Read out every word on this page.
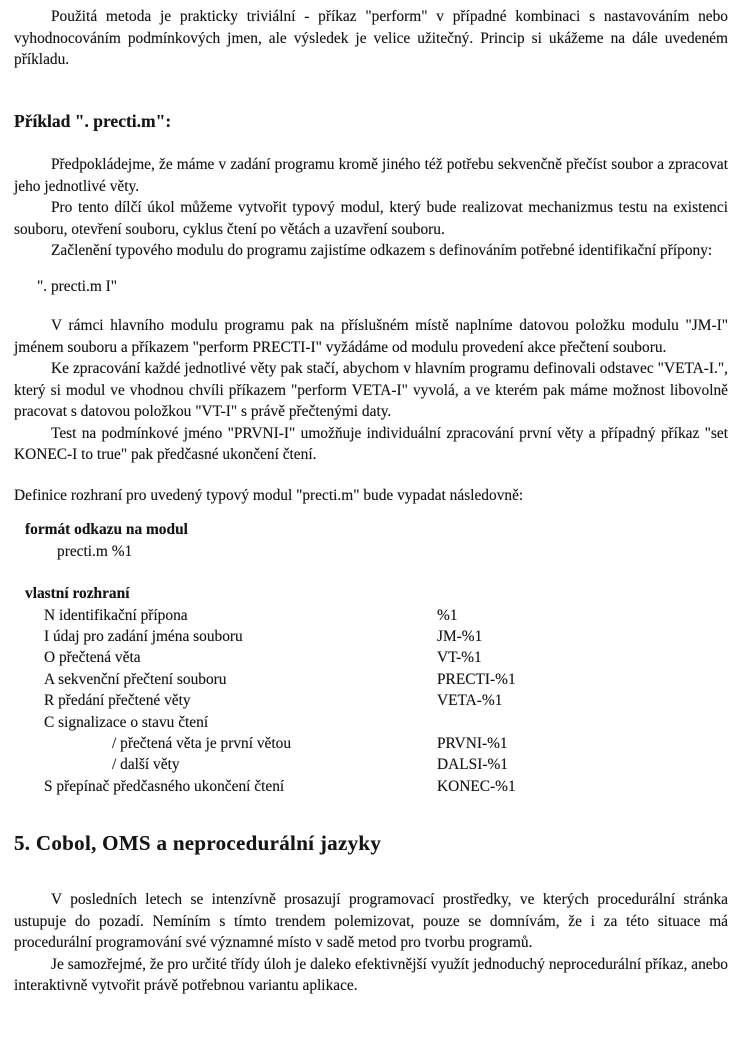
Použitá metoda je prakticky triviální - příkaz "perform" v případné kombinaci s nastavováním nebo vyhodnocováním podmínkových jmen, ale výsledek je velice užitečný. Princip si ukážeme na dále uvedeném příkladu.

Příklad ". precti.m":

Předpokládejme, že máme v zadání programu kromě jiného též potřebu sekvenčně přečíst soubor a zpracovat jeho jednotlivé věty.

Pro tento dílčí úkol můžeme vytvořit typový modul, který bude realizovat mechanizmus testu na existenci souboru, otevření souboru, cyklus čtení po větách a uzavření souboru.

Začlenění typového modulu do programu zajistíme odkazem s definováním potřebné identifikační přípony:

". precti.m I"

V rámci hlavního modulu programu pak na příslušném místě naplníme datovou položku modulu "JM-I" jménem souboru a příkazem "perform PRECTI-I" vyžádáme od modulu provedení akce přečtení souboru.

Ke zpracování každé jednotlivé věty pak stačí, abychom v hlavním programu definovali odstavec "VETA-I.", který si modul ve vhodnou chvíli příkazem "perform VETA-I" vyvolá, a ve kterém pak máme možnost libovolně pracovat s datovou položkou "VT-I" s právě přečtenými daty.

Test na podmínkové jméno "PRVNI-I" umožňuje individuální zpracování první věty a případný příkaz "set KONEC-I to true" pak předčasné ukončení čtení.

Definice rozhraní pro uvedený typový modul "precti.m" bude vypadat následovně:

formát odkazu na modul
precti.m %1
vlastní rozhraní
N identifikační přípona	%1
I údaj pro zadání jména souboru	JM-%1
O přečtená věta	VT-%1
A sekvenční přečtení souboru	PRECTI-%1
R předání přečtené věty	VETA-%1
C signalizace o stavu čtení
/ přečtená věta je první větou	PRVNI-%1
/ další věty	DALSI-%1
S přepínač předčasného ukončení čtení	KONEC-%1
5. Cobol, OMS a neprocedurální jazyky

V posledních letech se intenzívně prosazují programovací prostředky, ve kterých procedurální stránka ustupuje do pozadí. Nemíním s tímto trendem polemizovat, pouze se domnívám, že i za této situace má procedurální programování své významné místo v sadě metod pro tvorbu programů.

Je samozřejmé, že pro určité třídy úloh je daleko efektivnější využít jednoduchý neprocedurální příkaz, anebo interaktivně vytvořit právě potřebnou variantu aplikace.
